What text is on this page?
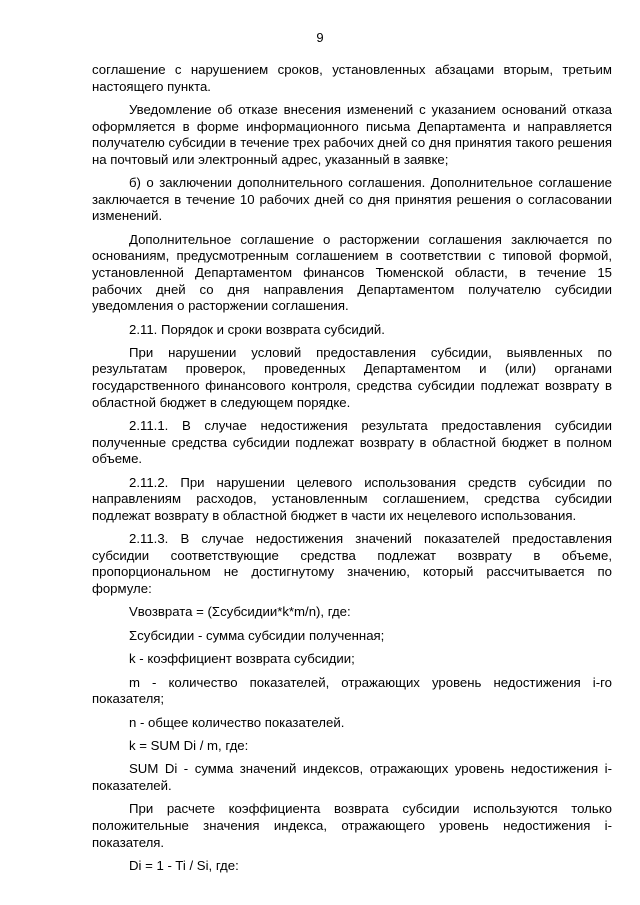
9

соглашение с нарушением сроков, установленных абзацами вторым, третьим настоящего пункта.

Уведомление об отказе внесения изменений с указанием оснований отказа оформляется в форме информационного письма Департамента и направляется получателю субсидии в течение трех рабочих дней со дня принятия такого решения на почтовый или электронный адрес, указанный в заявке;

б) о заключении дополнительного соглашения. Дополнительное соглашение заключается в течение 10 рабочих дней со дня принятия решения о согласовании изменений.

Дополнительное соглашение о расторжении соглашения заключается по основаниям, предусмотренным соглашением в соответствии с типовой формой, установленной Департаментом финансов Тюменской области, в течение 15 рабочих дней со дня направления Департаментом получателю субсидии уведомления о расторжении соглашения.

2.11. Порядок и сроки возврата субсидий.

При нарушении условий предоставления субсидии, выявленных по результатам проверок, проведенных Департаментом и (или) органами государственного финансового контроля, средства субсидии подлежат возврату в областной бюджет в следующем порядке.

2.11.1. В случае недостижения результата предоставления субсидии полученные средства субсидии подлежат возврату в областной бюджет в полном объеме.

2.11.2. При нарушении целевого использования средств субсидии по направлениям расходов, установленным соглашением, средства субсидии подлежат возврату в областной бюджет в части их нецелевого использования.

2.11.3. В случае недостижения значений показателей предоставления субсидии соответствующие средства подлежат возврату в объеме, пропорциональном не достигнутому значению, который рассчитывается по формуле:

Vвозврата = (Σсубсидии*k*m/n), где:

Σсубсидии - сумма субсидии полученная;

k - коэффициент возврата субсидии;

m - количество показателей, отражающих уровень недостижения i-го показателя;

n - общее количество показателей.

k = SUM Di / m, где:

SUM Di - сумма значений индексов, отражающих уровень недостижения i-показателей.

При расчете коэффициента возврата субсидии используются только положительные значения индекса, отражающего уровень недостижения i-показателя.

Di = 1 - Ti / Si, где:
